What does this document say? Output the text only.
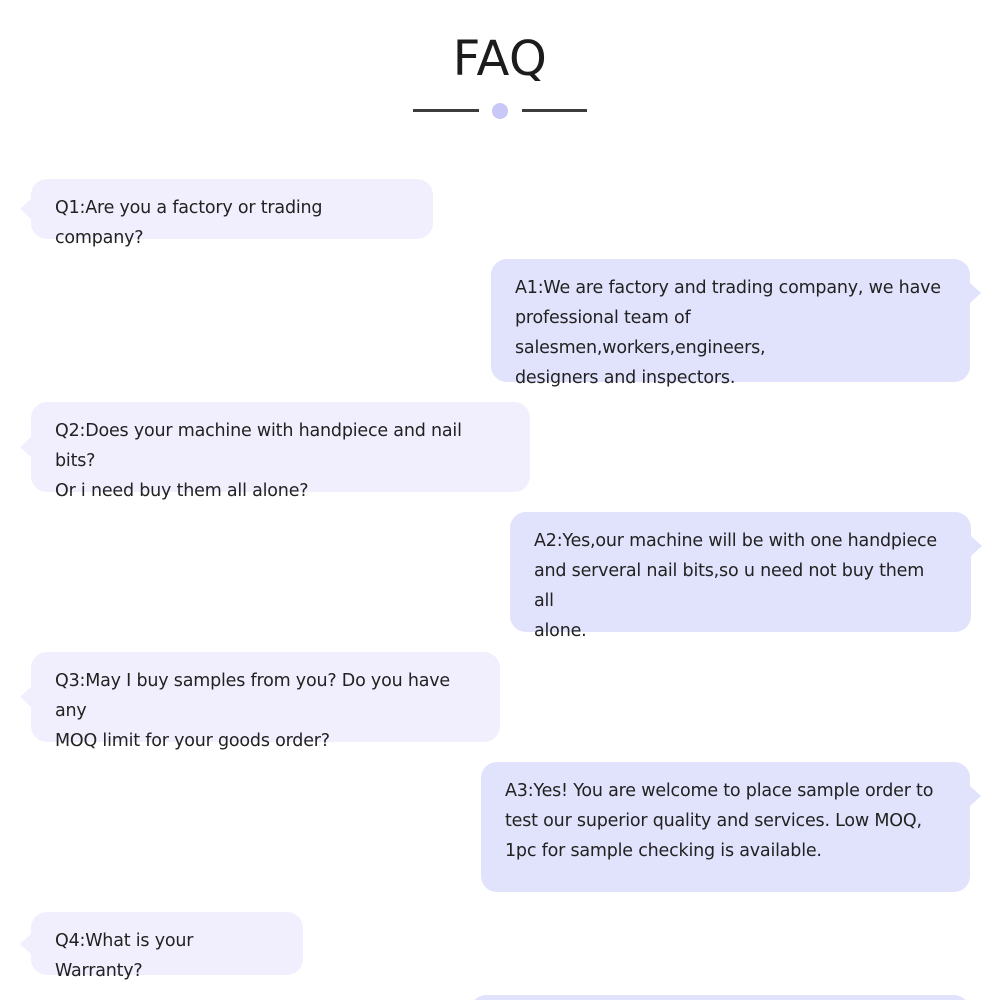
FAQ
Q1:Are you a factory or trading company?
A1:We are factory and trading company, we have
professional team of salesmen,workers,engineers,
designers and inspectors.
Q2:Does your machine with handpiece and nail bits?
Or i need buy them all alone?
A2:Yes,our machine will be with one handpiece
and serveral nail bits,so u need not buy them all
alone.
Q3:May I buy samples from you? Do you have any
MOQ limit for your goods order?
A3:Yes! You are welcome to place sample order to
test our superior quality and services. Low MOQ,
1pc for sample checking is available.
Q4:What is your Warranty?
